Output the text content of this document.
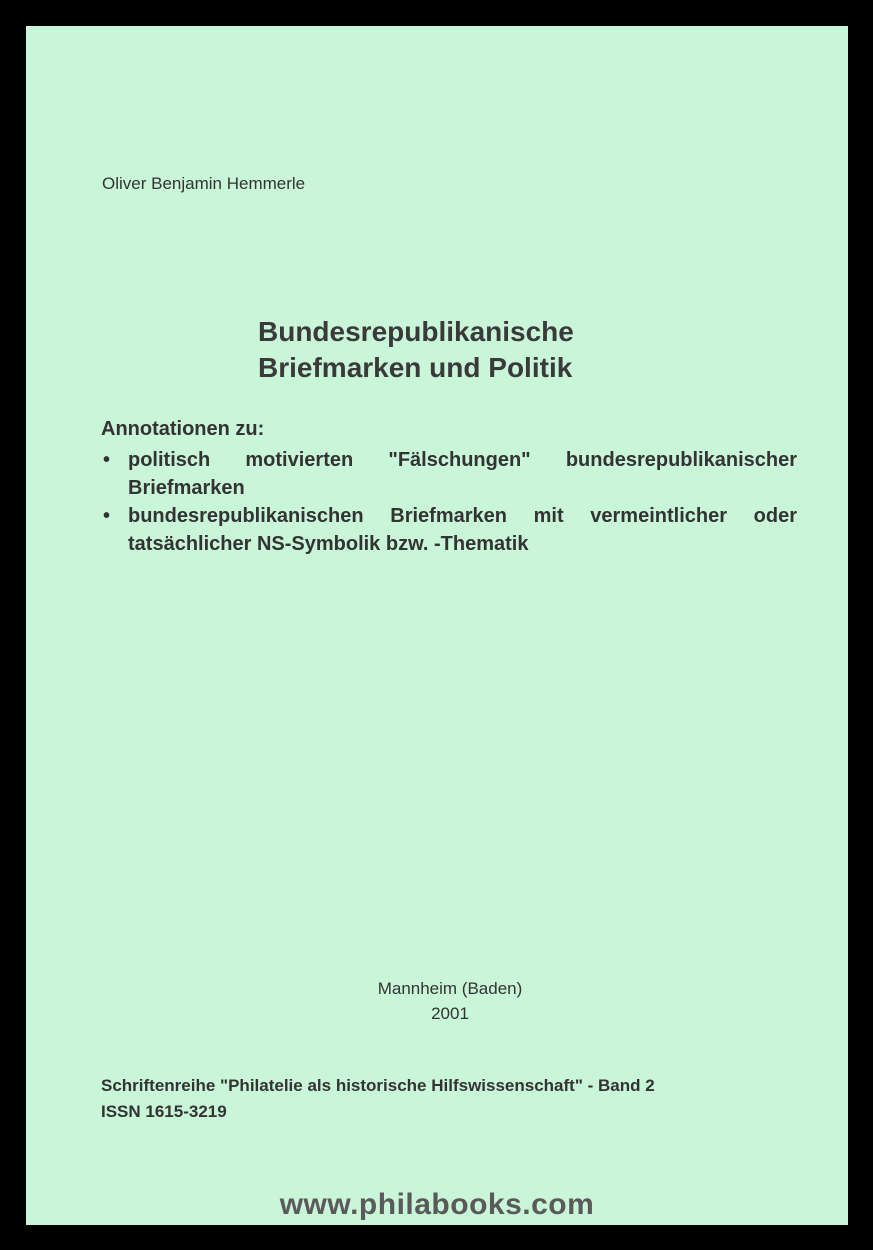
Oliver Benjamin Hemmerle
Bundesrepublikanische
Briefmarken und Politik
Annotationen zu:
• politisch motivierten "Fälschungen" bundesrepublikanischer Briefmarken
• bundesrepublikanischen Briefmarken mit vermeintlicher oder tatsächlicher NS-Symbolik bzw. -Thematik
Mannheim (Baden)
2001
Schriftenreihe "Philatelie als historische Hilfswissenschaft" - Band 2
ISSN 1615-3219
www.philabooks.com
